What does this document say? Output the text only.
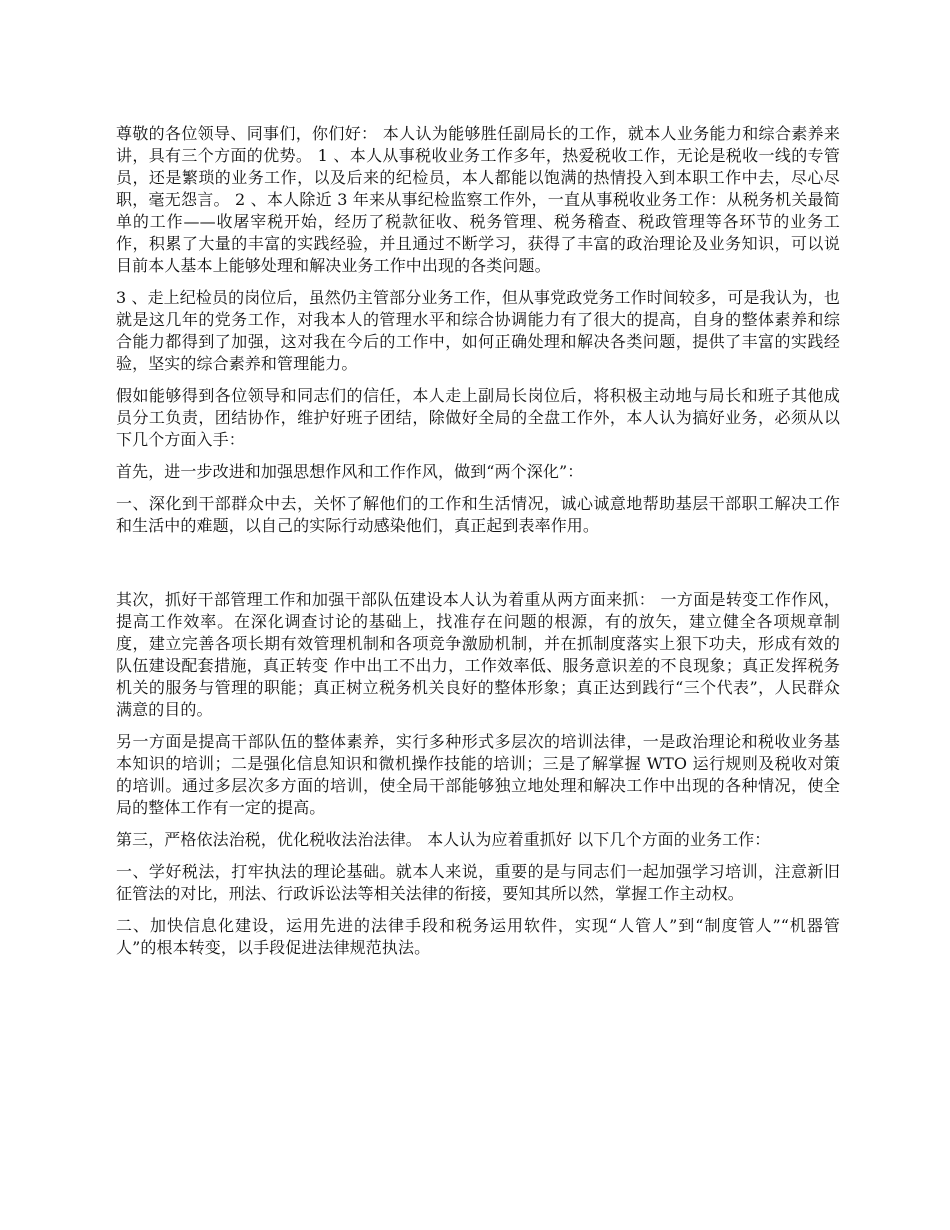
尊敬的各位领导、同事们，你们好： 本人认为能够胜任副局长的工作，就本人业务能力和综合素养来讲，具有三个方面的优势。 1 、本人从事税收业务工作多年，热爱税收工作，无论是税收一线的专管员，还是繁琐的业务工作，以及后来的纪检员，本人都能以饱满的热情投入到本职工作中去，尽心尽职，毫无怨言。 2 、本人除近 3 年来从事纪检监察工作外，一直从事税收业务工作：从税务机关最简单的工作——收屠宰税开始，经历了税款征收、税务管理、税务稽查、税政管理等各环节的业务工作，积累了大量的丰富的实践经验，并且通过不断学习，获得了丰富的政治理论及业务知识，可以说目前本人基本上能够处理和解决业务工作中出现的各类问题。

3 、走上纪检员的岗位后，虽然仍主管部分业务工作，但从事党政党务工作时间较多，可是我认为，也就是这几年的党务工作，对我本人的管理水平和综合协调能力有了很大的提高，自身的整体素养和综合能力都得到了加强，这对我在今后的工作中，如何正确处理和解决各类问题，提供了丰富的实践经验，坚实的综合素养和管理能力。

假如能够得到各位领导和同志们的信任，本人走上副局长岗位后，将积极主动地与局长和班子其他成员分工负责，团结协作，维护好班子团结，除做好全局的全盘工作外，本人认为搞好业务，必须从以下几个方面入手：

首先，进一步改进和加强思想作风和工作作风，做到“两个深化”：

一、深化到干部群众中去，关怀了解他们的工作和生活情况，诚心诚意地帮助基层干部职工解决工作和生活中的难题，以自己的实际行动感染他们，真正起到表率作用。

其次，抓好干部管理工作和加强干部队伍建设本人认为着重从两方面来抓： 一方面是转变工作作风，提高工作效率。在深化调查讨论的基础上，找准存在问题的根源，有的放矢，建立健全各项规章制度，建立完善各项长期有效管理机制和各项竞争激励机制，并在抓制度落实上狠下功夫，形成有效的队伍建设配套措施，真正转变 作中出工不出力，工作效率低、服务意识差的不良现象；真正发挥税务机关的服务与管理的职能；真正树立税务机关良好的整体形象；真正达到践行“三个代表”，人民群众满意的目的。

另一方面是提高干部队伍的整体素养，实行多种形式多层次的培训法律，一是政治理论和税收业务基本知识的培训；二是强化信息知识和微机操作技能的培训；三是了解掌握 WTO 运行规则及税收对策的培训。通过多层次多方面的培训，使全局干部能够独立地处理和解决工作中出现的各种情况，使全局的整体工作有一定的提高。

第三，严格依法治税，优化税收法治法律。 本人认为应着重抓好 以下几个方面的业务工作：

一、学好税法，打牢执法的理论基础。就本人来说，重要的是与同志们一起加强学习培训，注意新旧征管法的对比，刑法、行政诉讼法等相关法律的衔接，要知其所以然，掌握工作主动权。

二、加快信息化建设，运用先进的法律手段和税务运用软件，实现“人管人”到“制度管人”“机器管人”的根本转变，以手段促进法律规范执法。
